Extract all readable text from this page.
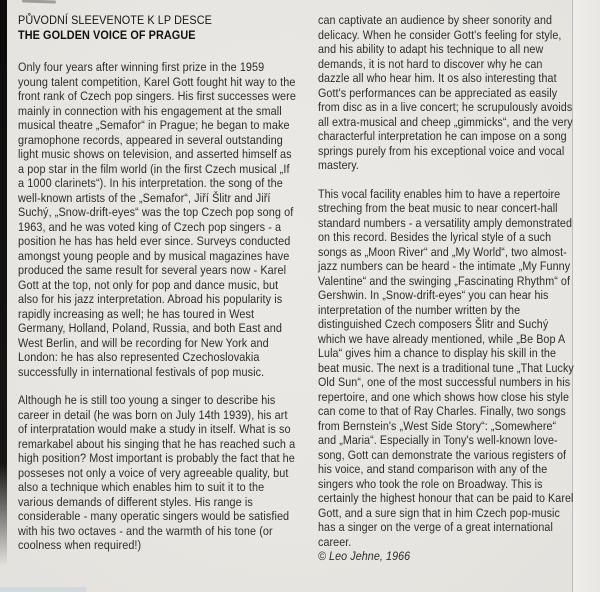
PŮVODNÍ SLEEVENOTE K LP DESCE
THE GOLDEN VOICE OF PRAGUE

Only four years after winning first prize in the 1959 young talent competition, Karel Gott fought hit way to the front rank of Czech pop singers. His first successes were mainly in connection with his engagement at the small musical theatre „Semafor“ in Prague; he began to make gramophone records, appeared in several outstanding light music shows on television, and asserted himself as a pop star in the film world (in the first Czech musical „If a 1000 clarinets“). In his interpretation. the song of the well-known artists of the „Semafor“, Jiří Šlitr and Jiří Suchý, „Snow-drift-eyes“ was the top Czech pop song of 1963, and he was voted king of Czech pop singers - a position he has has held ever since. Surveys conducted amongst young people and by musical magazines have produced the same result for several years now - Karel Gott at the top, not only for pop and dance music, but also for his jazz interpretation. Abroad his popularity is rapidly increasing as well; he has toured in West Germany, Holland, Poland, Russia, and both East and West Berlin, and will be recording for New York and London: he has also represented Czechoslovakia successfully in international festivals of pop music.

Although he is still too young a singer to describe his career in detail (he was born on July 14th 1939), his art of interpratation would make a study in itself. What is so remarkabel about his singing that he has reached such a high position? Most important is probably the fact that he posseses not only a voice of very agreeable quality, but also a technique which enables him to suit it to the various demands of different styles. His range is considerable - many operatic singers would be satisfied with his two octaves - and the warmth of his tone (or coolness when required!)

can captivate an audience by sheer sonority and delicacy. When he consider Gott's feeling for style, and his ability to adapt his technique to all new demands, it is not hard to discover why he can dazzle all who hear him. It os also interesting that Gott's performances can be appreciated as easily from disc as in a live concert; he scrupulously avoids all extra-musical and cheep „gimmicks“, and the very characterful interpretation he can impose on a song springs purely from his exceptional voice and vocal mastery.

This vocal facility enables him to have a repertoire streching from the beat music to near concert-hall standard numbers - a versatility amply demonstrated on this record. Besides the lyrical style of a such songs as „Moon River“ and „My World“, two almost-jazz numbers can be heard - the intimate „My Funny Valentine“ and the swinging „Fascinating Rhythm“ of Gershwin. In „Snow-drift-eyes“ you can hear his interpretation of the number written by the distinguished Czech composers Šlitr and Suchý which we have already mentioned, while „Be Bop A Lula“ gives him a chance to display his skill in the beat music. The next is a traditional tune „That Lucky Old Sun“, one of the most successful numbers in his repertoire, and one which shows how close his style can come to that of Ray Charles. Finally, two songs from Bernstein's „West Side Story“: „Somewhere“ and „Maria“. Especially in Tony's well-known love-song, Gott can demonstrate the various registers of his voice, and stand comparison with any of the singers who took the role on Broadway. This is certainly the highest honour that can be paid to Karel Gott, and a sure sign that in him Czech pop-music has a singer on the verge of a great international career.

© Leo Jehne, 1966
